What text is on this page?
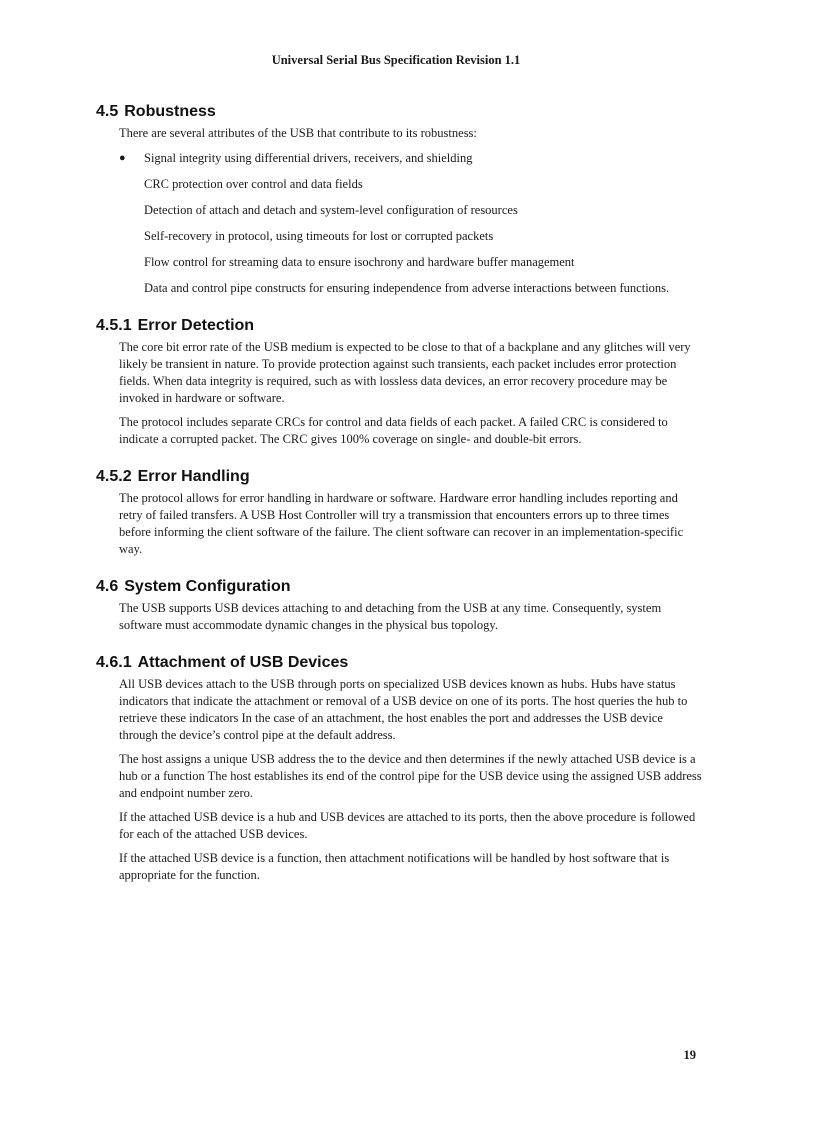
Universal Serial Bus Specification Revision 1.1
4.5 Robustness

There are several attributes of the USB that contribute to its robustness:

● Signal integrity using differential drivers, receivers, and shielding
CRC protection over control and data fields
Detection of attach and detach and system-level configuration of resources
Self-recovery in protocol, using timeouts for lost or corrupted packets
Flow control for streaming data to ensure isochrony and hardware buffer management
Data and control pipe constructs for ensuring independence from adverse interactions between functions.
4.5.1 Error Detection

The core bit error rate of the USB medium is expected to be close to that of a backplane and any glitches will very likely be transient in nature. To provide protection against such transients, each packet includes error protection fields. When data integrity is required, such as with lossless data devices, an error recovery procedure may be invoked in hardware or software.

The protocol includes separate CRCs for control and data fields of each packet. A failed CRC is considered to indicate a corrupted packet. The CRC gives 100% coverage on single- and double-bit errors.

4.5.2 Error Handling

The protocol allows for error handling in hardware or software. Hardware error handling includes reporting and retry of failed transfers. A USB Host Controller will try a transmission that encounters errors up to three times before informing the client software of the failure. The client software can recover in an implementation-specific way.

4.6 System Configuration

The USB supports USB devices attaching to and detaching from the USB at any time. Consequently, system software must accommodate dynamic changes in the physical bus topology.

4.6.1 Attachment of USB Devices

All USB devices attach to the USB through ports on specialized USB devices known as hubs. Hubs have status indicators that indicate the attachment or removal of a USB device on one of its ports. The host queries the hub to retrieve these indicators In the case of an attachment, the host enables the port and addresses the USB device through the device’s control pipe at the default address.

The host assigns a unique USB address the to the device and then determines if the newly attached USB device is a hub or a function The host establishes its end of the control pipe for the USB device using the assigned USB address and endpoint number zero.

If the attached USB device is a hub and USB devices are attached to its ports, then the above procedure is followed for each of the attached USB devices.

If the attached USB device is a function, then attachment notifications will be handled by host software that is appropriate for the function.

19
